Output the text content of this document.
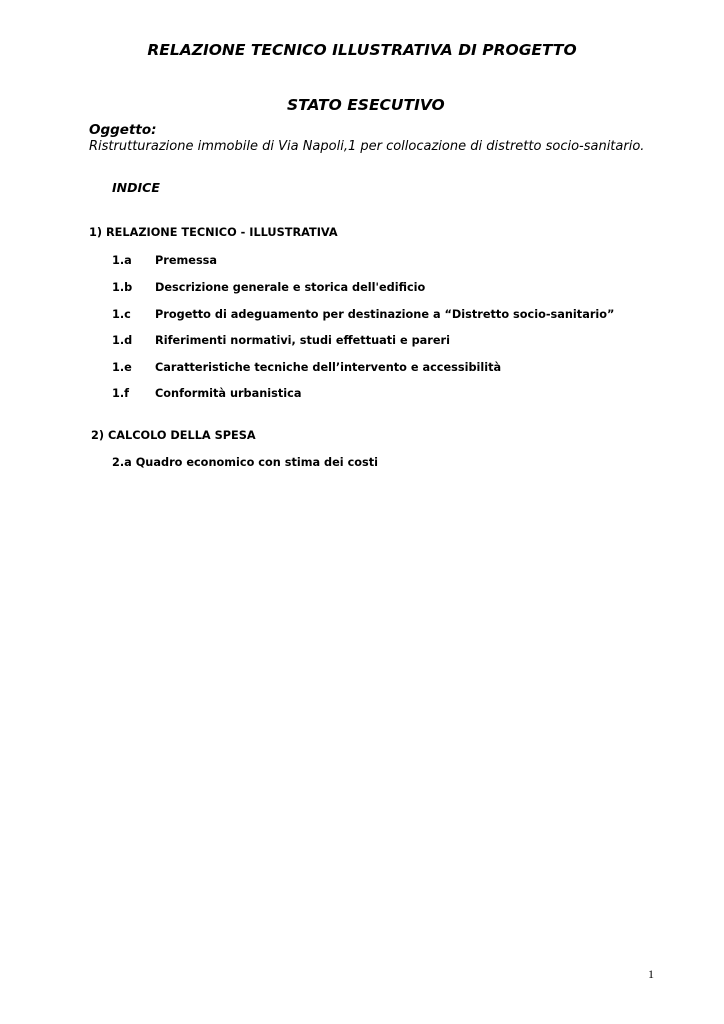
RELAZIONE TECNICO ILLUSTRATIVA DI PROGETTO
STATO ESECUTIVO
Oggetto:
Ristrutturazione immobile di Via Napoli,1 per collocazione di distretto socio-sanitario.
INDICE
1) RELAZIONE TECNICO - ILLUSTRATIVA
1.a Premessa
1.b Descrizione generale e storica dell'edificio
1.c Progetto di adeguamento per destinazione a “Distretto socio-sanitario”
1.d Riferimenti normativi, studi effettuati e pareri
1.e Caratteristiche tecniche dell’intervento e accessibilità
1.f Conformità urbanistica
2) CALCOLO DELLA SPESA
2.a Quadro economico con stima dei costi
1
